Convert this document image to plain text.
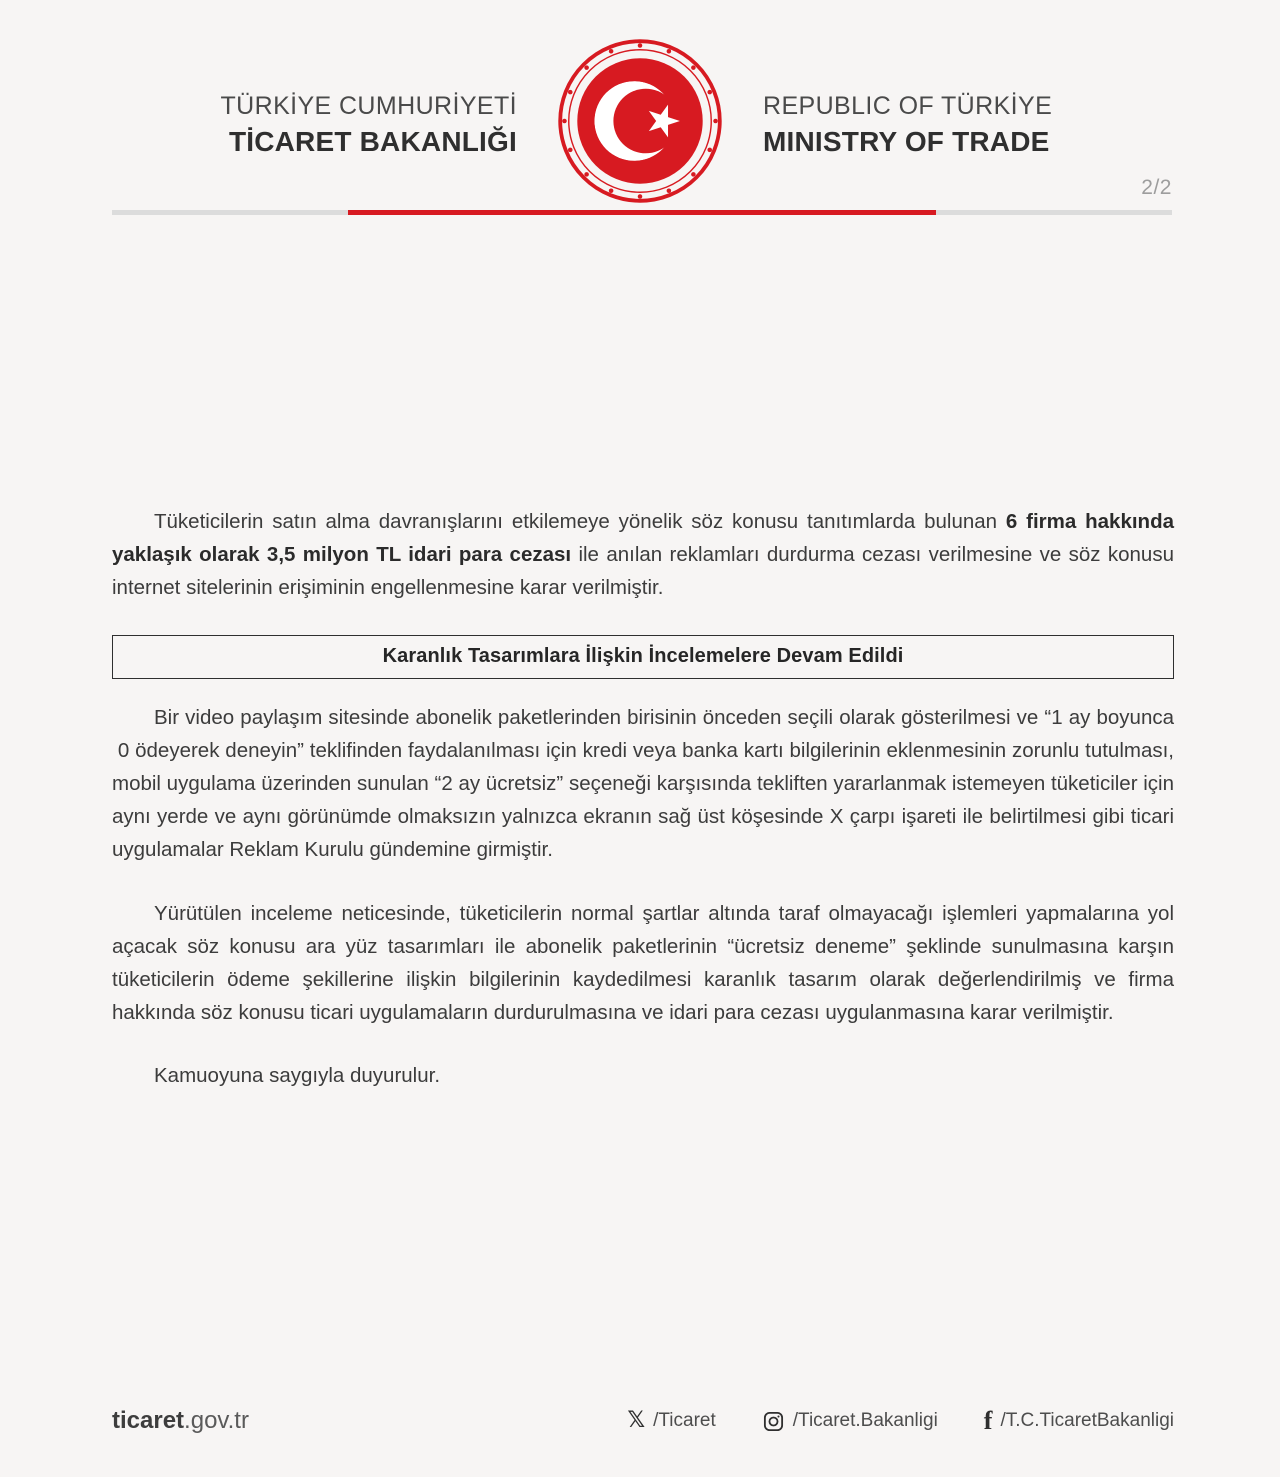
TÜRKİYE CUMHURİYETİ
TİCARET BAKANLIĞI
REPUBLIC OF TÜRKİYE
MINISTRY OF TRADE
2/2

Tüketicilerin satın alma davranışlarını etkilemeye yönelik söz konusu tanıtımlarda bulunan 6 firma hakkında yaklaşık olarak 3,5 milyon TL idari para cezası ile anılan reklamları durdurma cezası verilmesine ve söz konusu internet sitelerinin erişiminin engellenmesine karar verilmiştir.

Karanlık Tasarımlara İlişkin İncelemelere Devam Edildi

Bir video paylaşım sitesinde abonelik paketlerinden birisinin önceden seçili olarak gösterilmesi ve “1 ay boyunca  0 ödeyerek deneyin” teklifinden faydalanılması için kredi veya banka kartı bilgilerinin eklenmesinin zorunlu tutulması, mobil uygulama üzerinden sunulan “2 ay ücretsiz” seçeneği karşısında tekliften yararlanmak istemeyen tüketiciler için aynı yerde ve aynı görünümde olmaksızın yalnızca ekranın sağ üst köşesinde X çarpı işareti ile belirtilmesi gibi ticari uygulamalar Reklam Kurulu gündemine girmiştir.

Yürütülen inceleme neticesinde, tüketicilerin normal şartlar altında taraf olmayacağı işlemleri yapmalarına yol açacak söz konusu ara yüz tasarımları ile abonelik paketlerinin “ücretsiz deneme” şeklinde sunulmasına karşın tüketicilerin ödeme şekillerine ilişkin bilgilerinin kaydedilmesi karanlık tasarım olarak değerlendirilmiş ve firma hakkında söz konusu ticari uygulamaların durdurulmasına ve idari para cezası uygulanmasına karar verilmiştir.

Kamuoyuna saygıyla duyurulur.

ticaret.gov.tr	𝕏 /Ticaret	/Ticaret.Bakanligi f /T.C.TicaretBakanligi
